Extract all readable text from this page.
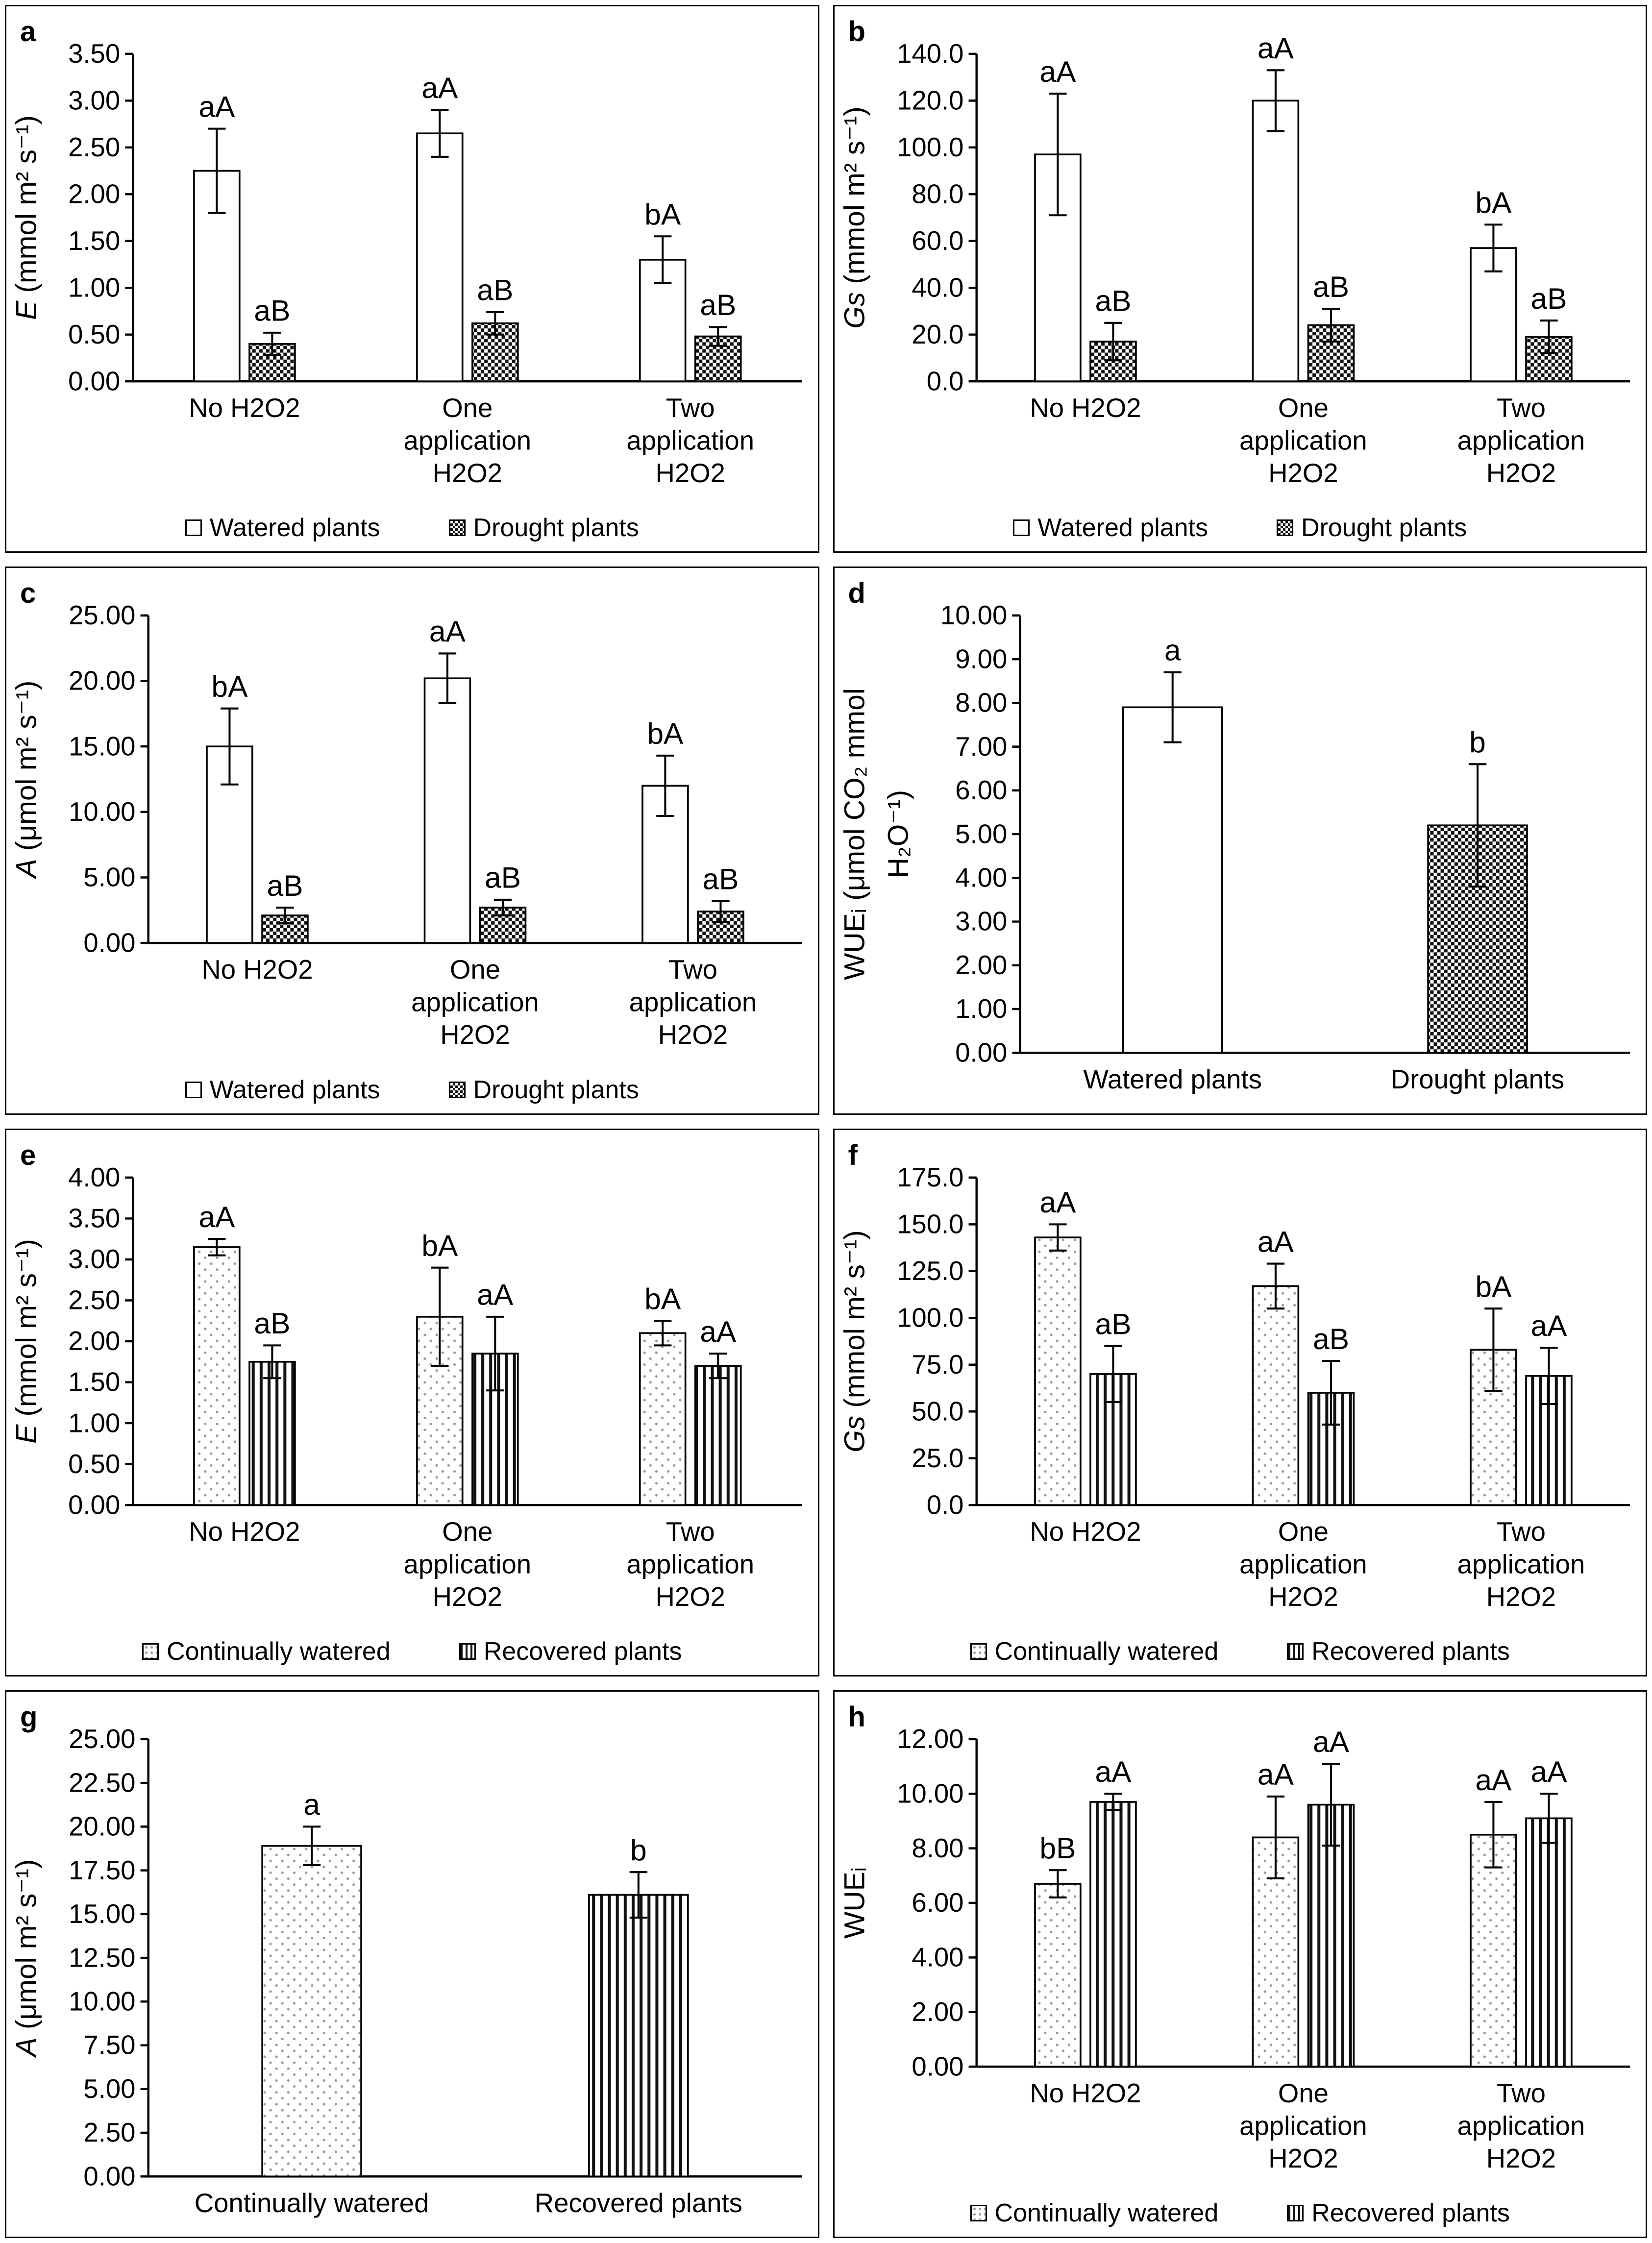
a
0.00
0.50
1.00
1.50
2.00
2.50
3.00
3.50
E (mmol m² s⁻¹)
aA
aA
bA
aB
aB	aB
No H2O2	One application H2O2
Two application H2O2
Watered plants	Drought plants
b
0.0
20.0
40.0
60.0
80.0
100.0
120.0
140.0
Gs (mmol m² s⁻¹)
aA
aA
bA
aB	aB	aB
No H2O2	One application H2O2
Two application H2O2
Watered plants	Drought plants
c
0.00
5.00
10.00
15.00
20.00
25.00
A (μmol m² s⁻¹)	bA
aA
bA
aB	aB	aB
No H2O2	One application H2O2
Two application H2O2
Watered plants	Drought plants
d
0.00
1.00
2.00
3.00
4.00
5.00
6.00
7.00
8.00
9.00
10.00
WUEᵢ (μmol CO₂ mmol H₂O⁻¹)
a
b
Watered plants	Drought plants
e
0.00
0.50
1.00
1.50
2.00
2.50
3.00
3.50
4.00
E (mmol m² s⁻¹)
aA
bA
bA
aB
aA
aA
No H2O2	One application H2O2
Two application H2O2
Continually watered	Recovered plants
f
0.0
25.0
50.0
75.0
100.0
125.0
150.0
175.0
Gs (mmol m² s⁻¹)
aA
aA
bA
aB	aB	aA
No H2O2	One application H2O2
Two application H2O2
Continually watered	Recovered plants
g
0.00
2.50
5.00
7.50
10.00
12.50
15.00
17.50
20.00
22.50
25.00
A (μmol m² s⁻¹)
a
b
Continually watered	Recovered plants
h
0.00
2.00
4.00
6.00
8.00
10.00
12.00
WUEᵢ
bB
aA	aA
aA
aA
aA
No H2O2	One application H2O2
Two application H2O2
Continually watered	Recovered plants
